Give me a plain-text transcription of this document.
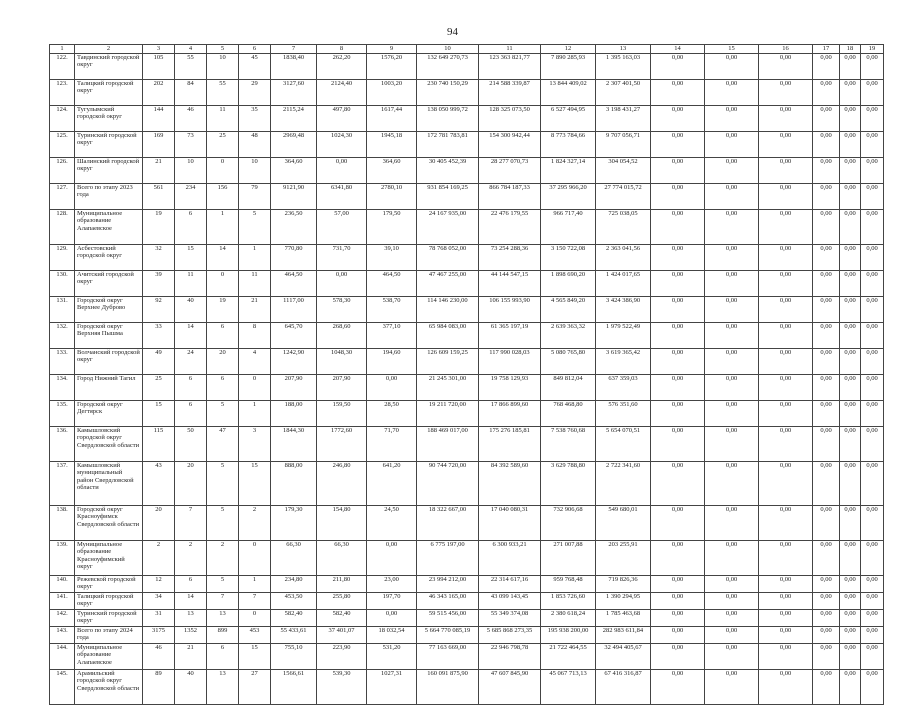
94
1	2	3	4	5	6	7	8	9	10	11	12	13	14	15	16	17	18	19
122.	Тавдинский городской округ	105	55	10	45	1838,40	262,20	1576,20	132 649 270,73	123 363 821,77	7 890 285,93	1 395 163,03	0,00	0,00	0,00	0,00	0,00	0,00
123.	Талицкий городской округ	202	84	55	29	3127,60	2124,40	1003,20	230 740 150,29	214 588 339,87	13 844 409,02	2 307 401,50	0,00	0,00	0,00	0,00	0,00	0,00
124.	Тугулымский городской округ	144	46	11	35	2115,24	497,80	1617,44	138 050 999,72	128 325 073,50	6 527 494,95	3 198 431,27	0,00	0,00	0,00	0,00	0,00	0,00
125.	Туринский городской округ	169	73	25	48	2969,48	1024,30	1945,18	172 781 783,81	154 300 942,44	8 773 784,66	9 707 056,71	0,00	0,00	0,00	0,00	0,00	0,00
126.	Шалинский городской округ	21	10	0	10	364,60	0,00	364,60	30 405 452,39	28 277 070,73	1 824 327,14	304 054,52	0,00	0,00	0,00	0,00	0,00	0,00
127.	Всего по этапу 2023 года	561	234	156	79	9121,90	6341,80	2780,10	931 854 169,25	866 784 187,33	37 295 966,20	27 774 015,72	0,00	0,00	0,00	0,00	0,00	0,00
128.	Муниципальное образование Алапаевское	19	6	1	5	236,50	57,00	179,50	24 167 935,00	22 476 179,55	966 717,40	725 038,05	0,00	0,00	0,00	0,00	0,00	0,00
129.	Асбестовский городской округ	32	15	14	1	770,80	731,70	39,10	78 768 052,00	73 254 288,36	3 150 722,08	2 363 041,56	0,00	0,00	0,00	0,00	0,00	0,00
130.	Ачитский городской округ	39	11	0	11	464,50	0,00	464,50	47 467 255,00	44 144 547,15	1 898 690,20	1 424 017,65	0,00	0,00	0,00	0,00	0,00	0,00
131.	Городской округ Верхнее Дуброво	92	40	19	21	1117,00	578,30	538,70	114 146 230,00	106 155 993,90	4 565 849,20	3 424 386,90	0,00	0,00	0,00	0,00	0,00	0,00
132.	Городской округ Верхняя Пышма	33	14	6	8	645,70	268,60	377,10	65 984 083,00	61 365 197,19	2 639 363,32	1 979 522,49	0,00	0,00	0,00	0,00	0,00	0,00
133.	Волчанский городской округ	49	24	20	4	1242,90	1048,30	194,60	126 609 159,25	117 990 028,03	5 080 765,80	3 619 365,42	0,00	0,00	0,00	0,00	0,00	0,00
134.	Город Нижний Тагил	25	6	6	0	207,90	207,90	0,00	21 245 301,00	19 758 129,93	849 812,04	637 359,03	0,00	0,00	0,00	0,00	0,00	0,00
135.	Городской округ Дегтярск	15	6	5	1	188,00	159,50	28,50	19 211 720,00	17 866 899,60	768 468,80	576 351,60	0,00	0,00	0,00	0,00	0,00	0,00
136.	Камышловский городской округ Свердловской области	115	50	47	3	1844,30	1772,60	71,70	188 469 017,00	175 276 185,81	7 538 760,68	5 654 070,51	0,00	0,00	0,00	0,00	0,00	0,00
137.	Камышловский муниципальный район Свердловской области	43	20	5	15	888,00	246,80	641,20	90 744 720,00	84 392 589,60	3 629 788,80	2 722 341,60	0,00	0,00	0,00	0,00	0,00	0,00
138.	Городской округ Красноуфимск Свердловской области	20	7	5	2	179,30	154,80	24,50	18 322 667,00	17 040 080,31	732 906,68	549 680,01	0,00	0,00	0,00	0,00	0,00	0,00
139.	Муниципальное образование Красноуфимский округ	2	2	2	0	66,30	66,30	0,00	6 775 197,00	6 300 933,21	271 007,88	203 255,91	0,00	0,00	0,00	0,00	0,00	0,00
140.	Режевской городской округ	12	6	5	1	234,80	211,80	23,00	23 994 212,00	22 314 617,16	959 768,48	719 826,36	0,00	0,00	0,00	0,00	0,00	0,00
141.	Талицкий городской округ	34	14	7	7	453,50	255,80	197,70	46 343 165,00	43 099 143,45	1 853 726,60	1 390 294,95	0,00	0,00	0,00	0,00	0,00	0,00
142.	Туринский городской округ	31	13	13	0	582,40	582,40	0,00	59 515 456,00	55 349 374,08	2 380 618,24	1 785 463,68	0,00	0,00	0,00	0,00	0,00	0,00
143.	Всего по этапу 2024 года	3175	1352	899	453	55 433,61	37 401,07	18 032,54	5 664 770 085,19	5 685 868 273,35	195 938 200,00	282 983 611,84	0,00	0,00	0,00	0,00	0,00	0,00
144.	Муниципальное образование Алапаевское	46	21	6	15	755,10	223,90	531,20	77 163 669,00	22 946 798,78	21 722 464,55	32 494 405,67	0,00	0,00	0,00	0,00	0,00	0,00
145.	Арамильский городской округ Свердловской области	89	40	13	27	1566,61	539,30	1027,31	160 091 875,90	47 607 845,90	45 067 713,13	67 416 316,87	0,00	0,00	0,00	0,00	0,00	0,00
